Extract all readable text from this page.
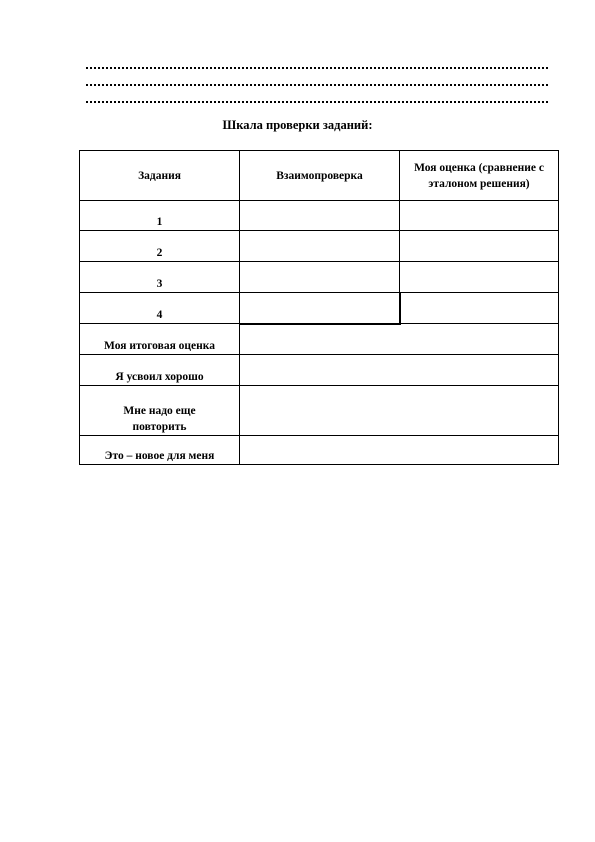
Шкала проверки заданий:
Задания	Взаимопроверка	Моя оценка (сравнение с эталоном решения)
1		
2		
3		
4		
Моя итоговая оценка		
Я усвоил хорошо		
Мне надо еще повторить		
Это – новое для меня		
